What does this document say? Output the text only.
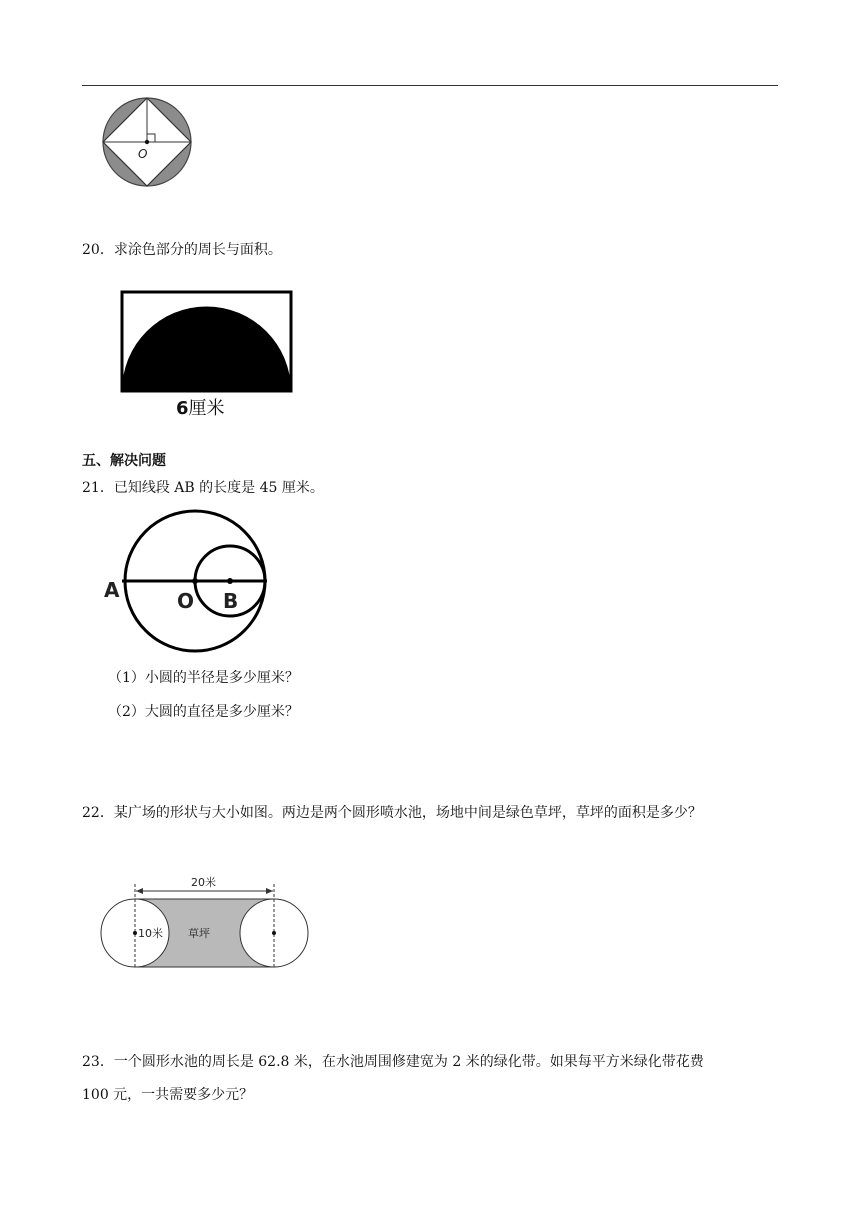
O
20．求涂色部分的周长与面积。
6厘米
五、解决问题
21．已知线段 AB 的长度是 45 厘米。
A	O B
（1）小圆的半径是多少厘米？
（2）大圆的直径是多少厘米？
22．某广场的形状与大小如图。两边是两个圆形喷水池，场地中间是绿色草坪，草坪的面积是多少？
20米
10米 草坪
23．一个圆形水池的周长是 62.8 米，在水池周围修建宽为 2 米的绿化带。如果每平方米绿化带花费
100 元，一共需要多少元？
